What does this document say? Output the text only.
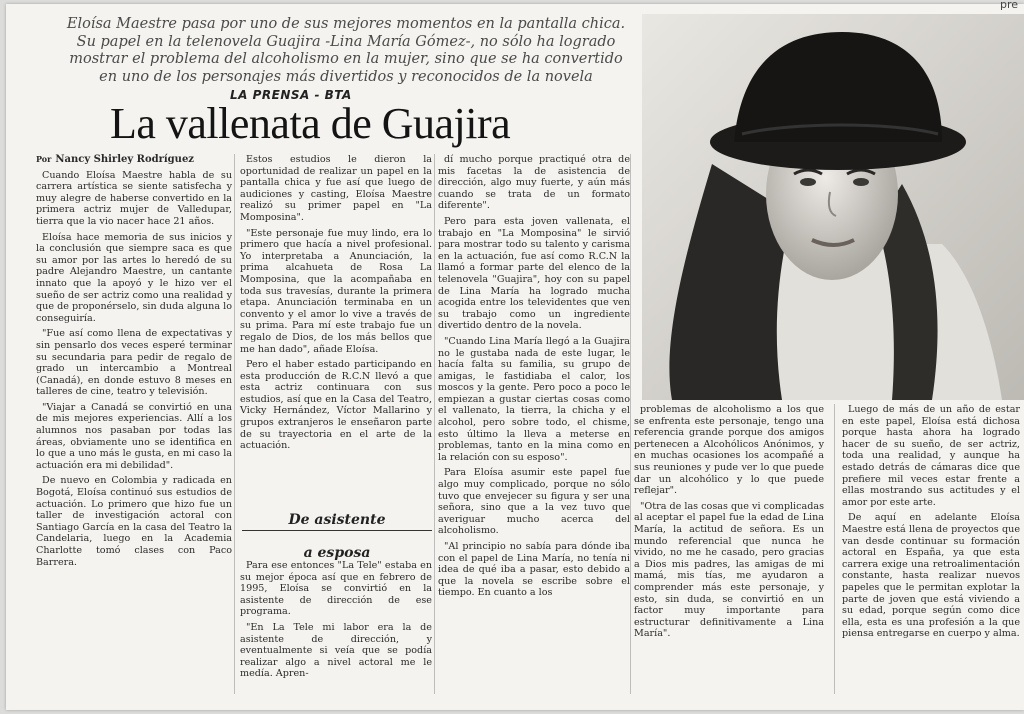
pre
Eloísa Maestre pasa por uno de sus mejores momentos en la pantalla chica. Su papel en la telenovela Guajira -Lina María Gómez-, no sólo ha logrado mostrar el problema del alcoholismo en la mujer, sino que se ha convertido en uno de los personajes más divertidos y reconocidos de la novela
LA PRENSA - BTA
La vallenata de Guajira

Por Nancy Shirley Rodríguez

Cuando Eloísa Maestre habla de su carrera artística se siente satisfecha y muy alegre de haberse convertido en la primera actriz mujer de Valledupar, tierra que la vio nacer hace 21 años.

Eloísa hace memoria de sus inicios y la conclusión que siempre saca es que su amor por las artes lo heredó de su padre Alejandro Maestre, un cantante innato que la apoyó y le hizo ver el sueño de ser actriz como una realidad y que de proponérselo, sin duda alguna lo conseguiría.

"Fue así como llena de expectativas y sin pensarlo dos veces esperé terminar su secundaria para pedir de regalo de grado un intercambio a Montreal (Canadá), en donde estuvo 8 meses en talleres de cine, teatro y televisión.

"Viajar a Canadá se convirtió en una de mis mejores experiencias. Allí a los alumnos nos pasaban por todas las áreas, obviamente uno se identifica en lo que a uno más le gusta, en mi caso la actuación era mi debilidad".

De nuevo en Colombia y radicada en Bogotá, Eloísa continuó sus estudios de actuación. Lo primero que hizo fue un taller de investigación actoral con Santiago García en la casa del Teatro la Candelaria, luego en la Academia Charlotte tomó clases con Paco Barrera.

Estos estudios le dieron la oportunidad de realizar un papel en la pantalla chica y fue así que luego de audiciones y casting, Eloísa Maestre realizó su primer papel en "La Momposina".

"Este personaje fue muy lindo, era lo primero que hacía a nivel profesional. Yo interpretaba a Anunciación, la prima alcahueta de Rosa La Momposina, que la acompañaba en toda sus travesías, durante la primera etapa. Anunciación terminaba en un convento y el amor lo vive a través de su prima. Para mí este trabajo fue un regalo de Dios, de los más bellos que me han dado", añade Eloísa.

Pero el haber estado participando en esta producción de R.C.N llevó a que esta actriz continuara con sus estudios, así que en la Casa del Teatro, Vicky Hernández, Víctor Mallarino y grupos extranjeros le enseñaron parte de su trayectoria en el arte de la actuación.

De asistente
a esposa

Para ese entonces "La Tele" estaba en su mejor época así que en febrero de 1995, Eloísa se convirtió en la asistente de dirección de ese programa.

"En La Tele mi labor era la de asistente de dirección, y eventualmente si veía que se podía realizar algo a nivel actoral me le medía. Apren-

dí mucho porque practiqué otra de mis facetas la de asistencia de dirección, algo muy fuerte, y aún más cuando se trata de un formato diferente".

Pero para esta joven vallenata, el trabajo en "La Momposina" le sirvió para mostrar todo su talento y carisma en la actuación, fue así como R.C.N la llamó a formar parte del elenco de la telenovela "Guajira", hoy con su papel de Lina María ha logrado mucha acogida entre los televidentes que ven su trabajo como un ingrediente divertido dentro de la novela.

"Cuando Lina María llegó a la Guajira no le gustaba nada de este lugar, le hacía falta su familia, su grupo de amigas, le fastidiaba el calor, los moscos y la gente. Pero poco a poco le empiezan a gustar ciertas cosas como el vallenato, la tierra, la chicha y el alcohol, pero sobre todo, el chisme, esto último la lleva a meterse en problemas, tanto en la mina como en la relación con su esposo".

Para Eloísa asumir este papel fue algo muy complicado, porque no sólo tuvo que envejecer su figura y ser una señora, sino que a la vez tuvo que averiguar mucho acerca del alcoholismo.

"Al principio no sabía para dónde iba con el papel de Lina María, no tenía ni idea de qué iba a pasar, esto debido a que la novela se escribe sobre el tiempo. En cuanto a los

problemas de alcoholismo a los que se enfrenta este personaje, tengo una referencia grande porque dos amigos pertenecen a Alcohólicos Anónimos, y en muchas ocasiones los acompañé a sus reuniones y pude ver lo que puede dar un alcohólico y lo que puede reflejar".

"Otra de las cosas que vi complicadas al aceptar el papel fue la edad de Lina María, la actitud de señora. Es un mundo referencial que nunca he vivido, no me he casado, pero gracias a Dios mis padres, las amigas de mi mamá, mis tías, me ayudaron a comprender más este personaje, y esto, sin duda, se convirtió en un factor muy importante para estructurar definitivamente a Lina María".

Luego de más de un año de estar en este papel, Eloísa está dichosa porque hasta ahora ha logrado hacer de su sueño, de ser actriz, toda una realidad, y aunque ha estado detrás de cámaras dice que prefiere mil veces estar frente a ellas mostrando sus actitudes y el amor por este arte.

De aquí en adelante Eloísa Maestre está llena de proyectos que van desde continuar su formación actoral en España, ya que esta carrera exige una retroalimentación constante, hasta realizar nuevos papeles que le permitan explotar la parte de joven que está viviendo a su edad, porque según como dice ella, esta es una profesión a la que piensa entregarse en cuerpo y alma.
